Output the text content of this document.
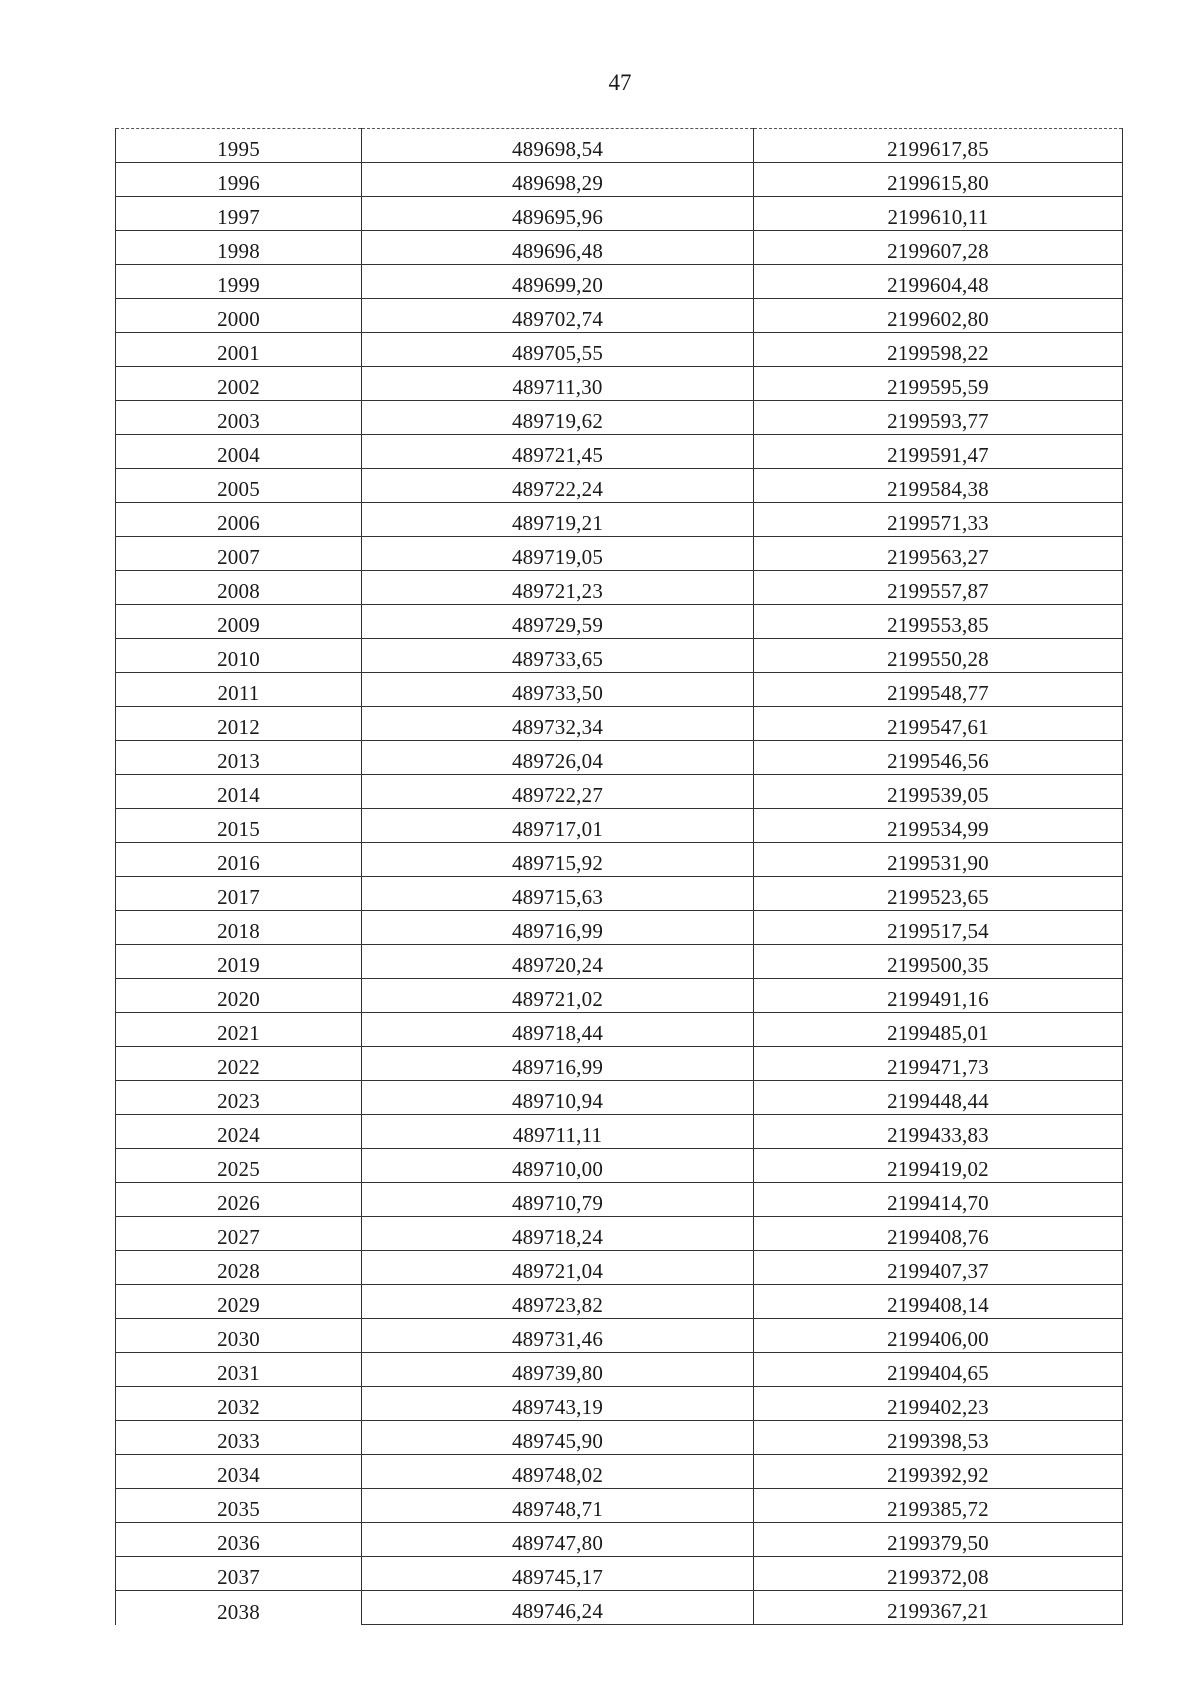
47
1995	489698,54	2199617,85
1996	489698,29	2199615,80
1997	489695,96	2199610,11
1998	489696,48	2199607,28
1999	489699,20	2199604,48
2000	489702,74	2199602,80
2001	489705,55	2199598,22
2002	489711,30	2199595,59
2003	489719,62	2199593,77
2004	489721,45	2199591,47
2005	489722,24	2199584,38
2006	489719,21	2199571,33
2007	489719,05	2199563,27
2008	489721,23	2199557,87
2009	489729,59	2199553,85
2010	489733,65	2199550,28
2011	489733,50	2199548,77
2012	489732,34	2199547,61
2013	489726,04	2199546,56
2014	489722,27	2199539,05
2015	489717,01	2199534,99
2016	489715,92	2199531,90
2017	489715,63	2199523,65
2018	489716,99	2199517,54
2019	489720,24	2199500,35
2020	489721,02	2199491,16
2021	489718,44	2199485,01
2022	489716,99	2199471,73
2023	489710,94	2199448,44
2024	489711,11	2199433,83
2025	489710,00	2199419,02
2026	489710,79	2199414,70
2027	489718,24	2199408,76
2028	489721,04	2199407,37
2029	489723,82	2199408,14
2030	489731,46	2199406,00
2031	489739,80	2199404,65
2032	489743,19	2199402,23
2033	489745,90	2199398,53
2034	489748,02	2199392,92
2035	489748,71	2199385,72
2036	489747,80	2199379,50
2037	489745,17	2199372,08
2038	489746,24	2199367,21
